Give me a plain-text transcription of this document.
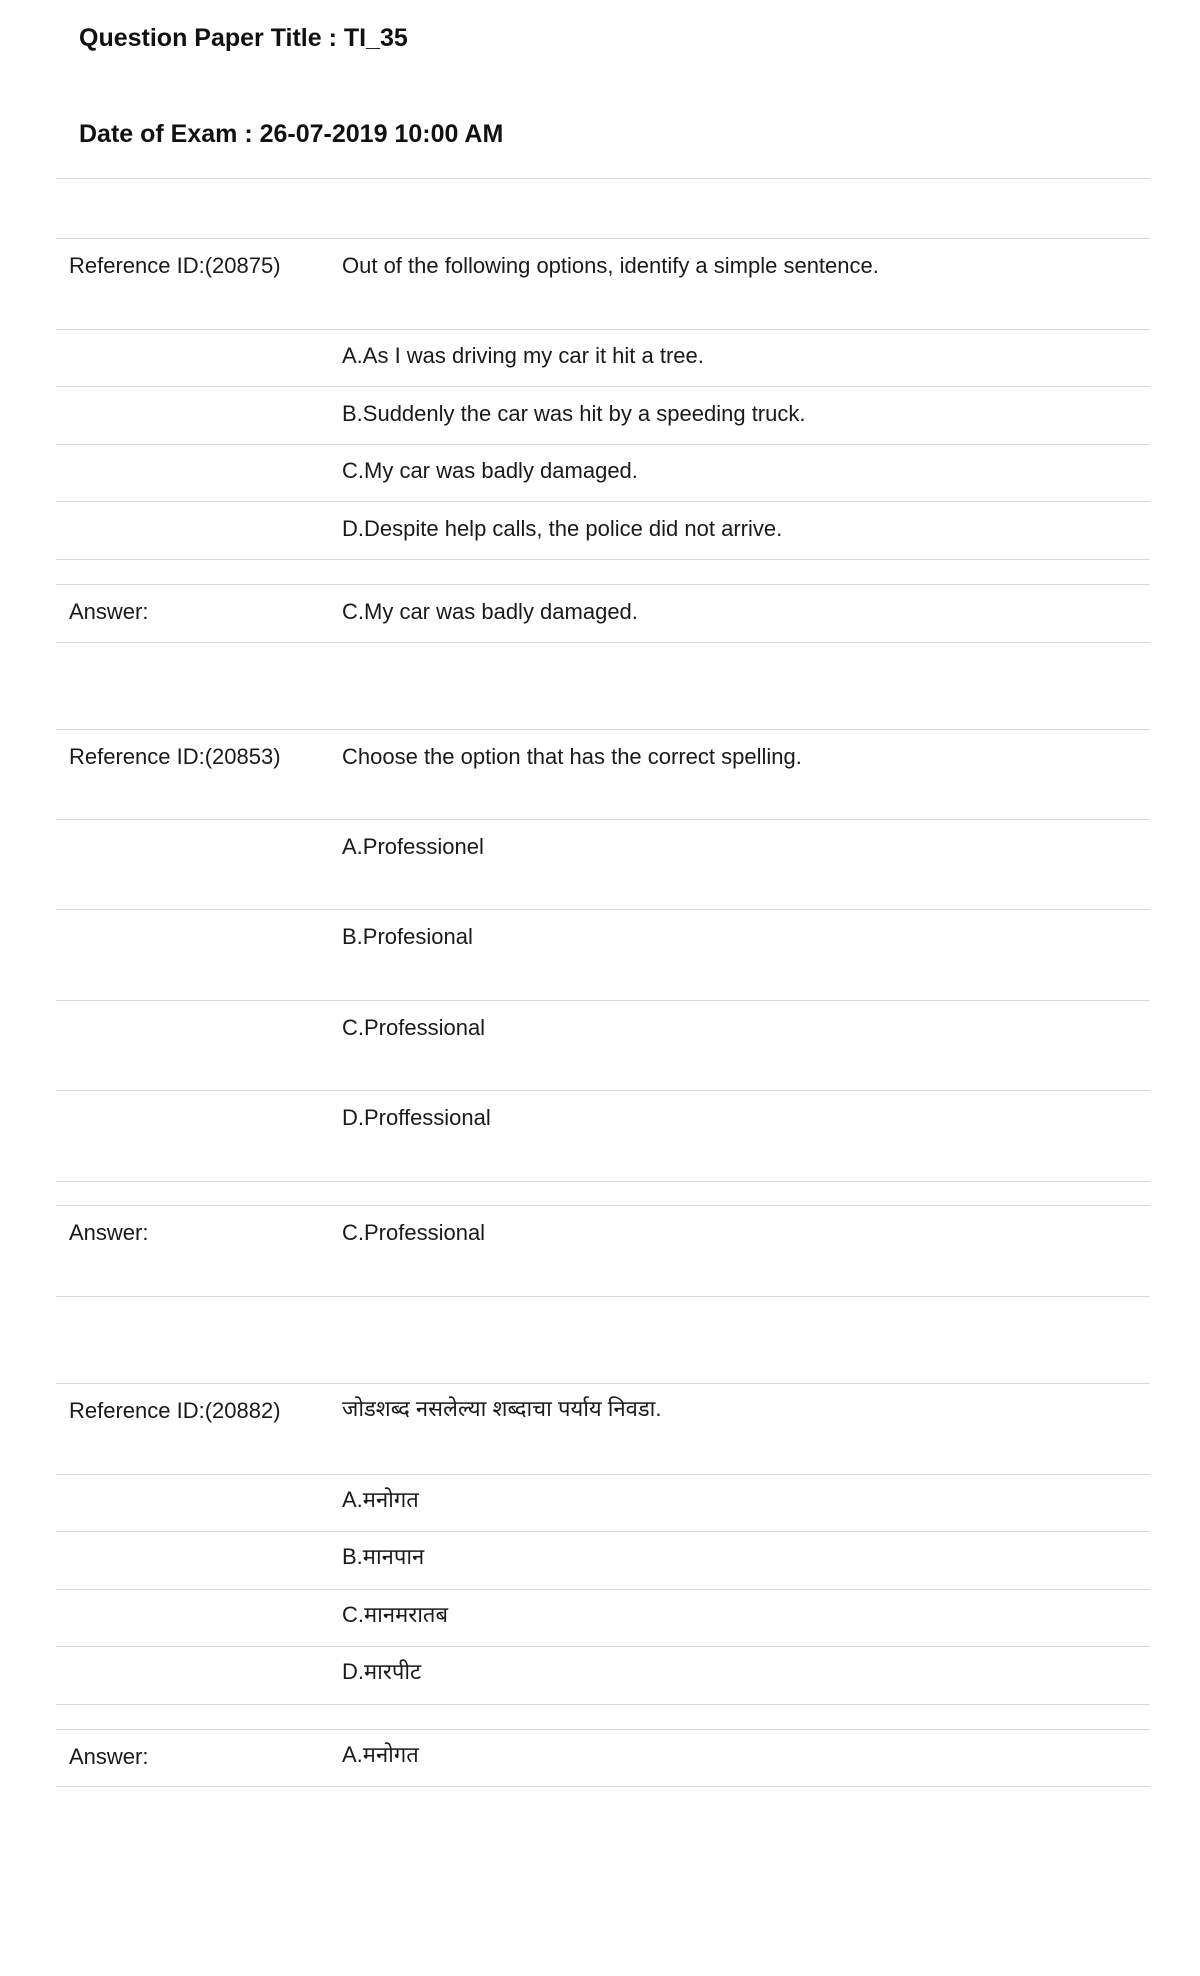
Question Paper Title : TI_35
Date of Exam : 26-07-2019 10:00 AM
Reference ID:(20875)	Out of the following options, identify a simple sentence.
A.As I was driving my car it hit a tree.
B.Suddenly the car was hit by a speeding truck.
C.My car was badly damaged.
D.Despite help calls, the police did not arrive.
Answer:	C.My car was badly damaged.
Reference ID:(20853)	Choose the option that has the correct spelling.
A.Professionel
B.Profesional
C.Professional
D.Proffessional
Answer:	C.Professional
Reference ID:(20882)	जोडशब्द नसलेल्या शब्दाचा पर्याय निवडा.
A.मनोगत
B.मानपान
C.मानमरातब
D.मारपीट
Answer:	A.मनोगत
